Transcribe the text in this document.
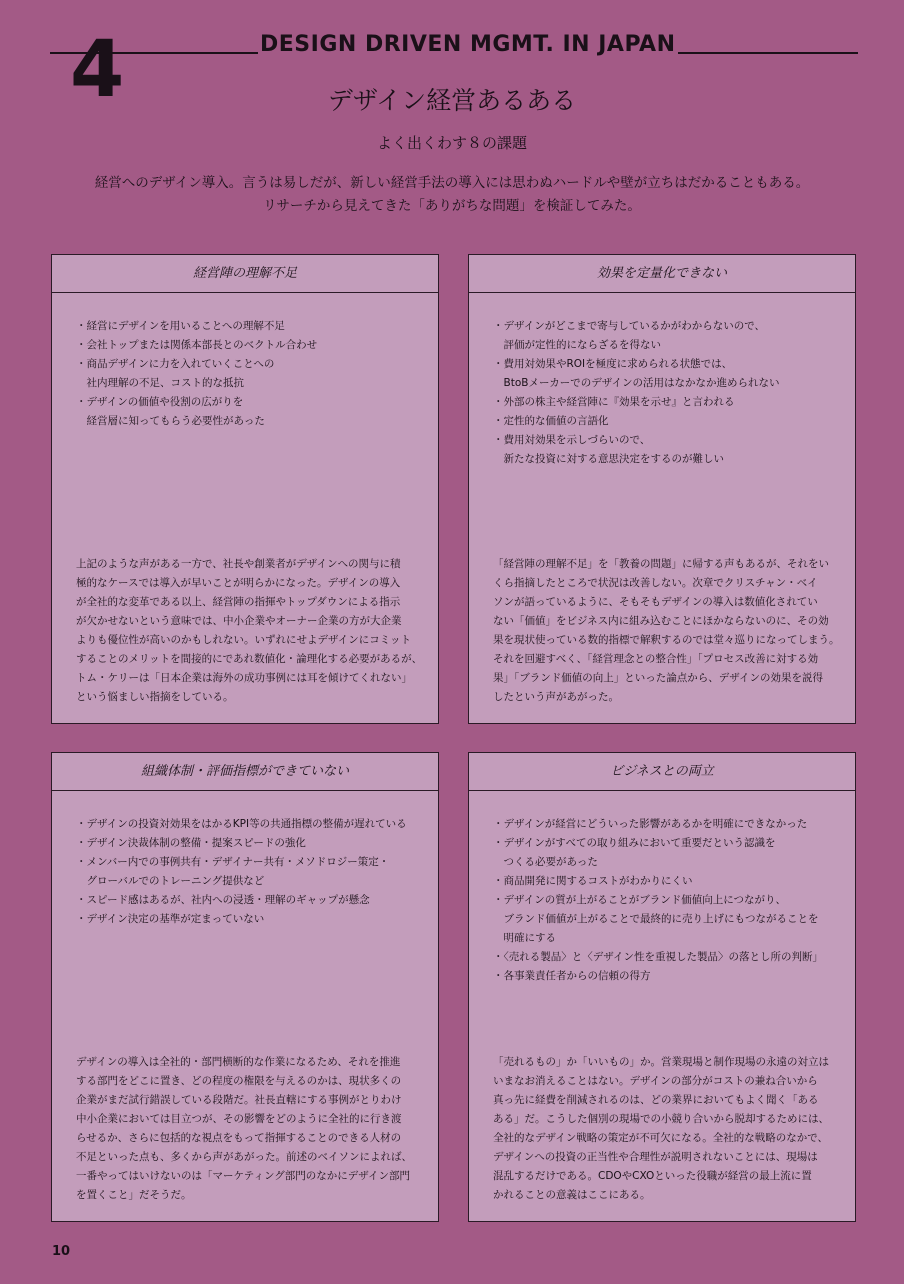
4	DESIGN DRIVEN MGMT. IN JAPAN
デザイン経営あるある
よく出くわす８の課題
経営へのデザイン導入。言うは易しだが、新しい経営手法の導入には思わぬハードルや壁が立ちはだかることもある。
リサーチから見えてきた「ありがちな問題」を検証してみた。
経営陣の理解不足
・経営にデザインを用いることへの理解不足
・会社トップまたは関係本部長とのベクトル合わせ
・商品デザインに力を入れていくことへの
　社内理解の不足、コスト的な抵抗
・デザインの価値や役割の広がりを
　経営層に知ってもらう必要性があった
上記のような声がある一方で、社長や創業者がデザインへの関与に積
極的なケースでは導入が早いことが明らかになった。デザインの導入
が全社的な変革である以上、経営陣の指揮やトップダウンによる指示
が欠かせないという意味では、中小企業やオーナー企業の方が大企業
よりも優位性が高いのかもしれない。いずれにせよデザインにコミット
することのメリットを間接的にであれ数値化・論理化する必要があるが、
トム・ケリーは「日本企業は海外の成功事例には耳を傾けてくれない」
という悩ましい指摘をしている。
効果を定量化できない
・デザインがどこまで寄与しているかがわからないので、
　評価が定性的にならざるを得ない
・費用対効果やROIを極度に求められる状態では、
　BtoBメーカーでのデザインの活用はなかなか進められない
・外部の株主や経営陣に『効果を示せ』と言われる
・定性的な価値の言語化
・費用対効果を示しづらいので、
　新たな投資に対する意思決定をするのが難しい
「経営陣の理解不足」を「教養の問題」に帰する声もあるが、それをい
くら指摘したところで状況は改善しない。次章でクリスチャン・ベイ
ソンが語っているように、そもそもデザインの導入は数値化されてい
ない「価値」をビジネス内に組み込むことにほかならないのに、その効
果を現状使っている数的指標で解釈するのでは堂々巡りになってしまう。
それを回避すべく、「経営理念との整合性」「プロセス改善に対する効
果」「ブランド価値の向上」といった論点から、デザインの効果を説得
したという声があがった。
組織体制・評価指標ができていない
・デザインの投資対効果をはかるKPI等の共通指標の整備が遅れている
・デザイン決裁体制の整備・提案スピードの強化
・メンバー内での事例共有・デザイナー共有・メソドロジー策定・
　グローバルでのトレーニング提供など
・スピード感はあるが、社内への浸透・理解のギャップが懸念
・デザイン決定の基準が定まっていない
デザインの導入は全社的・部門横断的な作業になるため、それを推進
する部門をどこに置き、どの程度の権限を与えるのかは、現状多くの
企業がまだ試行錯誤している段階だ。社長直轄にする事例がとりわけ
中小企業においては目立つが、その影響をどのように全社的に行き渡
らせるか、さらに包括的な視点をもって指揮することのできる人材の
不足といった点も、多くから声があがった。前述のベイソンによれば、
一番やってはいけないのは「マーケティング部門のなかにデザイン部門
を置くこと」だそうだ。
ビジネスとの両立
・デザインが経営にどういった影響があるかを明確にできなかった
・デザインがすべての取り組みにおいて重要だという認識を
　つくる必要があった
・商品開発に関するコストがわかりにくい
・デザインの質が上がることがブランド価値向上につながり、
　ブランド価値が上がることで最終的に売り上げにもつながることを
　明確にする
・〈売れる製品〉と〈デザイン性を重視した製品〉の落とし所の判断」
・各事業責任者からの信頼の得方
「売れるもの」か「いいもの」か。営業現場と制作現場の永遠の対立は
いまなお消えることはない。デザインの部分がコストの兼ね合いから
真っ先に経費を削減されるのは、どの業界においてもよく聞く「ある
ある」だ。こうした個別の現場での小競り合いから脱却するためには、
全社的なデザイン戦略の策定が不可欠になる。全社的な戦略のなかで、
デザインへの投資の正当性や合理性が説明されないことには、現場は
混乱するだけである。CDOやCXOといった役職が経営の最上流に置
かれることの意義はここにある。
10
